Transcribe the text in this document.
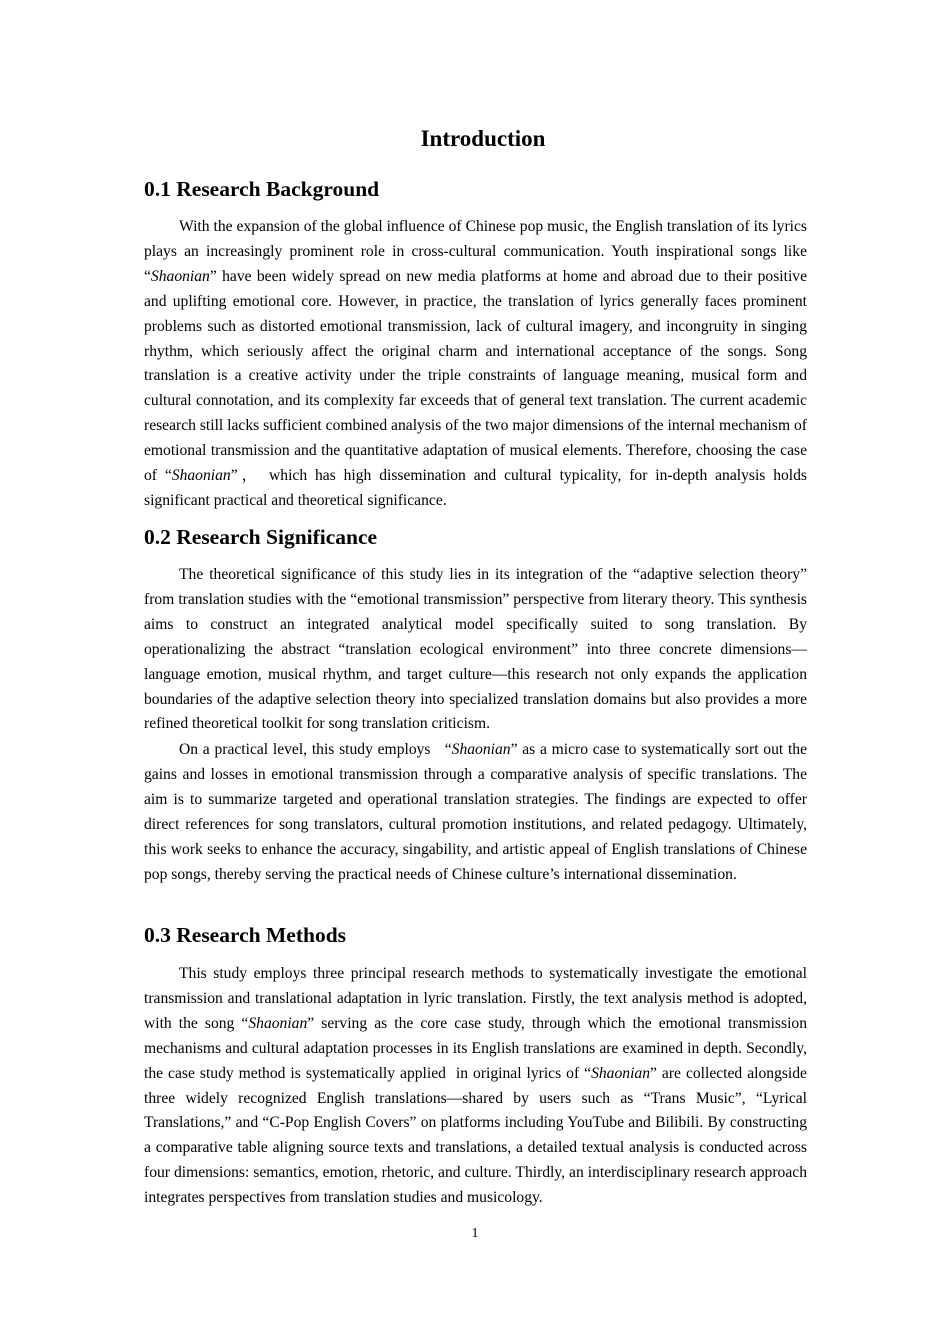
Introduction
0.1 Research Background

With the expansion of the global influence of Chinese pop music, the English translation of its lyrics plays an increasingly prominent role in cross-cultural communication. Youth inspirational songs like “Shaonian” have been widely spread on new media platforms at home and abroad due to their positive and uplifting emotional core. However, in practice, the translation of lyrics generally faces prominent problems such as distorted emotional transmission, lack of cultural imagery, and incongruity in singing rhythm, which seriously affect the original charm and international acceptance of the songs. Song translation is a creative activity under the triple constraints of language meaning, musical form and cultural connotation, and its complexity far exceeds that of general text translation. The current academic research still lacks sufficient combined analysis of the two major dimensions of the internal mechanism of emotional transmission and the quantitative adaptation of musical elements. Therefore, choosing the case of “Shaonian”， which has high dissemination and cultural typicality, for in-depth analysis holds significant practical and theoretical significance.

0.2 Research Significance

The theoretical significance of this study lies in its integration of the “adaptive selection theory” from translation studies with the “emotional transmission” perspective from literary theory. This synthesis aims to construct an integrated analytical model specifically suited to song translation. By operationalizing the abstract “translation ecological environment” into three concrete dimensions—language emotion, musical rhythm, and target culture—this research not only expands the application boundaries of the adaptive selection theory into specialized translation domains but also provides a more refined theoretical toolkit for song translation criticism.

On a practical level, this study employs   “Shaonian” as a micro case to systematically sort out the gains and losses in emotional transmission through a comparative analysis of specific translations. The aim is to summarize targeted and operational translation strategies. The findings are expected to offer direct references for song translators, cultural promotion institutions, and related pedagogy. Ultimately, this work seeks to enhance the accuracy, singability, and artistic appeal of English translations of Chinese pop songs, thereby serving the practical needs of Chinese culture’s international dissemination.

0.3 Research Methods

This study employs three principal research methods to systematically investigate the emotional transmission and translational adaptation in lyric translation. Firstly, the text analysis method is adopted, with the song “Shaonian” serving as the core case study, through which the emotional transmission mechanisms and cultural adaptation processes in its English translations are examined in depth. Secondly, the case study method is systematically applied  in original lyrics of “Shaonian” are collected alongside three widely recognized English translations—shared by users such as “Trans Music”, “Lyrical Translations,” and “C-Pop English Covers” on platforms including YouTube and Bilibili. By constructing a comparative table aligning source texts and translations, a detailed textual analysis is conducted across four dimensions: semantics, emotion, rhetoric, and culture. Thirdly, an interdisciplinary research approach integrates perspectives from translation studies and musicology.

1
